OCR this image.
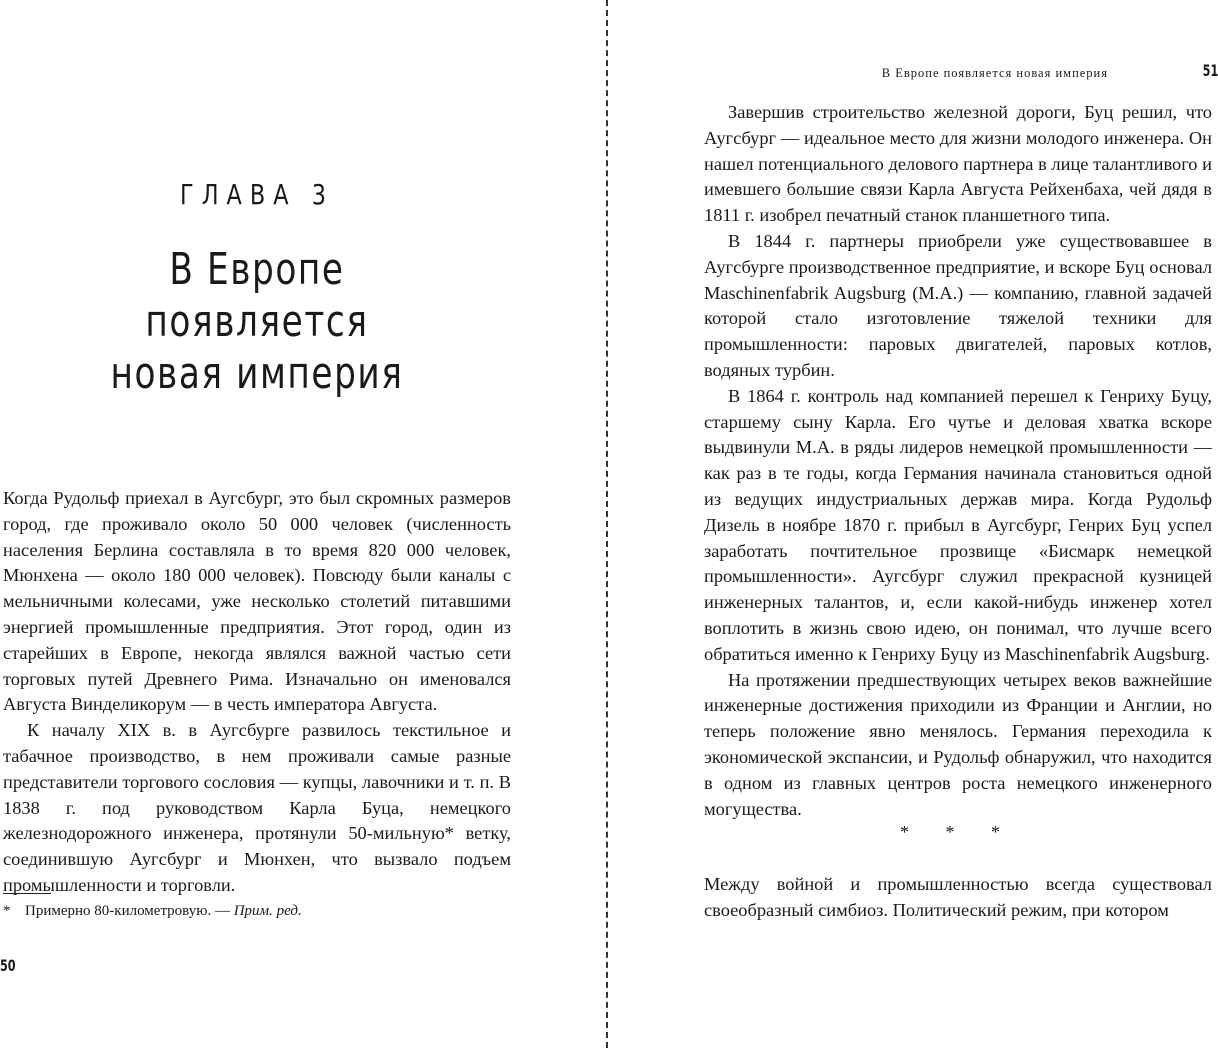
ГЛАВА 3
В Европе появляется
новая империя

Когда Рудольф приехал в Аугсбург, это был скромных размеров город, где проживало около 50 000 человек (численность населения Берлина составляла в то время 820 000 человек, Мюнхена — около 180 000 человек). Повсюду были каналы с мельничными колесами, уже несколько столетий питавшими энергией промышленные предприятия. Этот город, один из старейших в Европе, некогда являлся важной частью сети торговых путей Древнего Рима. Изначально он именовался Августа Винделикорум — в честь императора Августа.

К началу XIX в. в Аугсбурге развилось текстильное и табачное производство, в нем проживали самые разные представители торгового сословия — купцы, лавочники и т. п. В 1838 г. под руководством Карла Буца, немецкого железнодорожного инженера, протянули 50-мильную* ветку, соединившую Аугсбург и Мюнхен, что вызвало подъем промышленности и торговли.

* Примерно 80-километровую. — Прим. ред.
50
В Европе появляется новая империя	51

Завершив строительство железной дороги, Буц решил, что Аугсбург — идеальное место для жизни молодого инженера. Он нашел потенциального делового партнера в лице талантливого и имевшего большие связи Карла Августа Рейхенбаха, чей дядя в 1811 г. изобрел печатный станок планшетного типа.

В 1844 г. партнеры приобрели уже существовавшее в Аугсбурге производственное предприятие, и вскоре Буц основал Maschinenfabrik Augsburg (M.A.) — компанию, главной задачей которой стало изготовление тяжелой техники для промышленности: паровых двигателей, паровых котлов, водяных турбин.

В 1864 г. контроль над компанией перешел к Генриху Буцу, старшему сыну Карла. Его чутье и деловая хватка вскоре выдвинули M.A. в ряды лидеров немецкой промышленности — как раз в те годы, когда Германия начинала становиться одной из ведущих индустриальных держав мира. Когда Рудольф Дизель в ноябре 1870 г. прибыл в Аугсбург, Генрих Буц успел заработать почтительное прозвище «Бисмарк немецкой промышленности». Аугсбург служил прекрасной кузницей инженерных талантов, и, если какой-нибудь инженер хотел воплотить в жизнь свою идею, он понимал, что лучше всего обратиться именно к Генриху Буцу из Maschinenfabrik Augsburg.

На протяжении предшествующих четырех веков важнейшие инженерные достижения приходили из Франции и Англии, но теперь положение явно менялось. Германия переходила к экономической экспансии, и Рудольф обнаружил, что находится в одном из главных центров роста немецкого инженерного могущества.

* * *

Между войной и промышленностью всегда существовал своеобразный симбиоз. Политический режим, при котором
